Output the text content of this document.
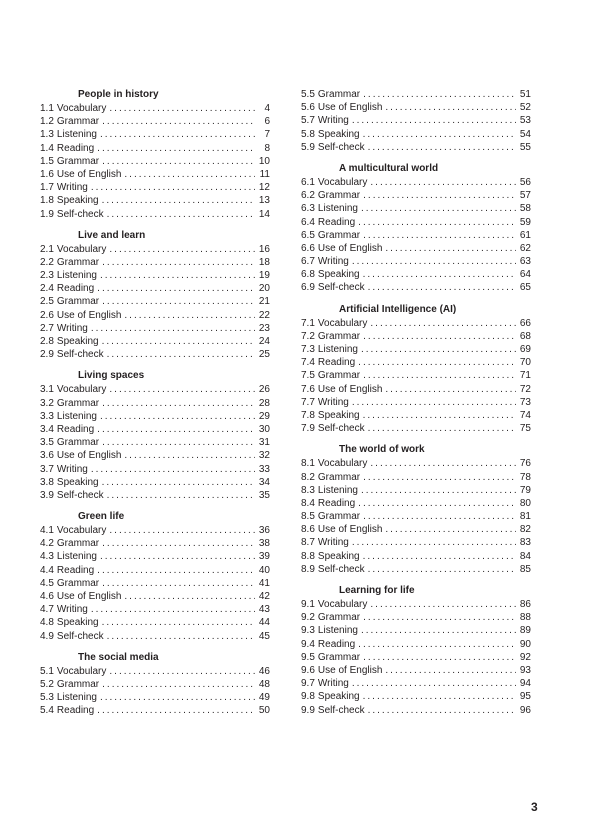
People in history
1.1 Vocabulary .....	4
1.2 Grammar .....	6
1.3 Listening .....	7
1.4 Reading .....	8
1.5 Grammar .....	10
1.6 Use of English .....	11
1.7 Writing .....	12
1.8 Speaking .....	13
1.9 Self-check .....	14
Live and learn
2.1 Vocabulary .....	16
2.2 Grammar .....	18
2.3 Listening .....	19
2.4 Reading .....	20
2.5 Grammar .....	21
2.6 Use of English .....	22
2.7 Writing .....	23
2.8 Speaking .....	24
2.9 Self-check .....	25
Living spaces
3.1 Vocabulary .....	26
3.2 Grammar .....	28
3.3 Listening .....	29
3.4 Reading .....	30
3.5 Grammar .....	31
3.6 Use of English .....	32
3.7 Writing .....	33
3.8 Speaking .....	34
3.9 Self-check .....	35
Green life
4.1 Vocabulary .....	36
4.2 Grammar .....	38
4.3 Listening .....	39
4.4 Reading .....	40
4.5 Grammar .....	41
4.6 Use of English .....	42
4.7 Writing .....	43
4.8 Speaking .....	44
4.9 Self-check .....	45
The social media
5.1 Vocabulary .....	46
5.2 Grammar .....	48
5.3 Listening .....	49
5.4 Reading .....	50
5.5 Grammar .....	51
5.6 Use of English .....	52
5.7 Writing .....	53
5.8 Speaking .....	54
5.9 Self-check .....	55
A multicultural world
6.1 Vocabulary .....	56
6.2 Grammar .....	57
6.3 Listening .....	58
6.4 Reading .....	59
6.5 Grammar .....	61
6.6 Use of English .....	62
6.7 Writing .....	63
6.8 Speaking .....	64
6.9 Self-check .....	65
Artificial Intelligence (AI)
7.1 Vocabulary .....	66
7.2 Grammar .....	68
7.3 Listening .....	69
7.4 Reading .....	70
7.5 Grammar .....	71
7.6 Use of English .....	72
7.7 Writing .....	73
7.8 Speaking .....	74
7.9 Self-check .....	75
The world of work
8.1 Vocabulary .....	76
8.2 Grammar .....	78
8.3 Listening .....	79
8.4 Reading .....	80
8.5 Grammar .....	81
8.6 Use of English .....	82
8.7 Writing .....	83
8.8 Speaking .....	84
8.9 Self-check .....	85
Learning for life
9.1 Vocabulary .....	86
9.2 Grammar .....	88
9.3 Listening .....	89
9.4 Reading .....	90
9.5 Grammar .....	92
9.6 Use of English .....	93
9.7 Writing .....	94
9.8 Speaking .....	95
9.9 Self-check .....	96
3
